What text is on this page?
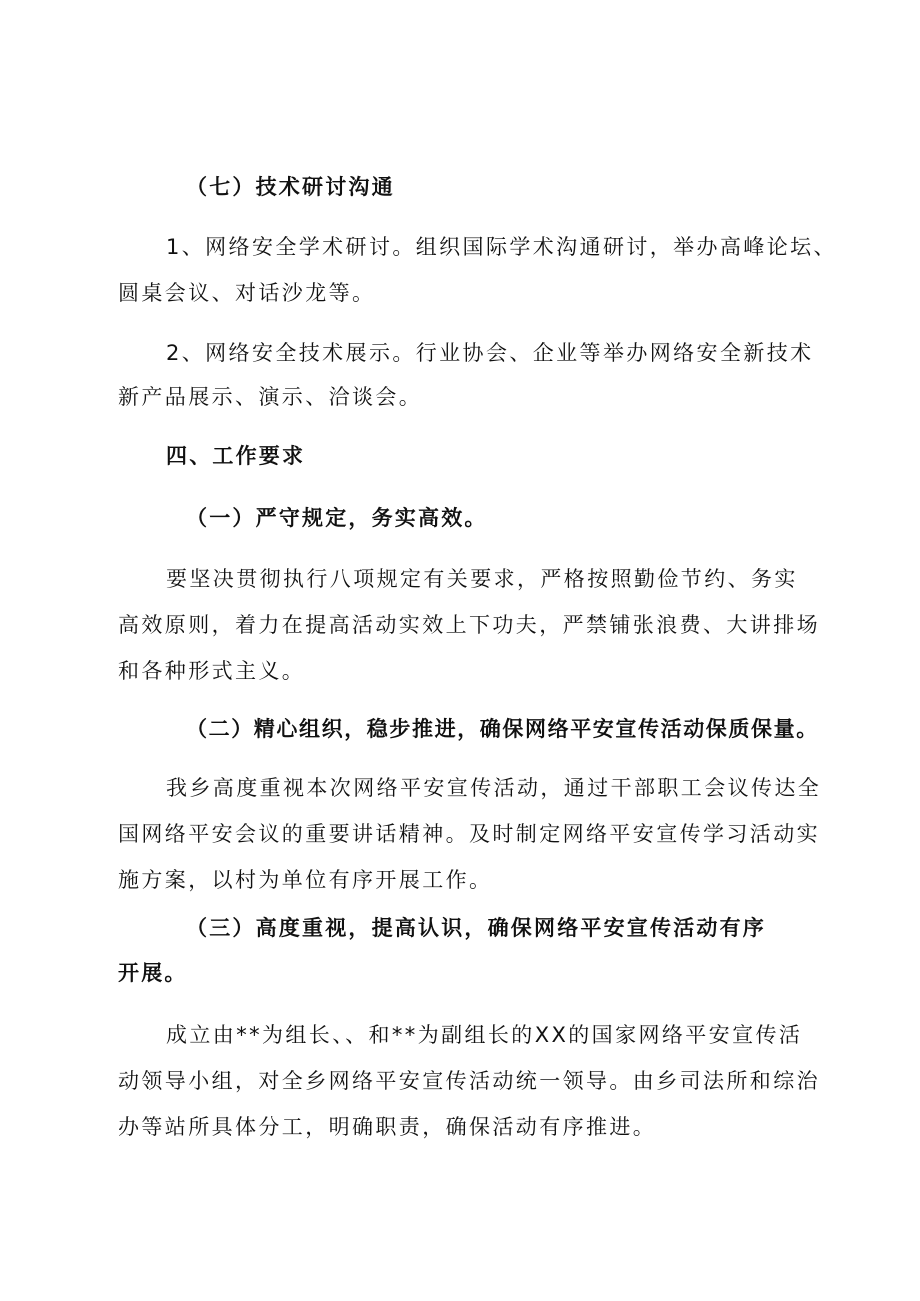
（七）技术研讨沟通
1、网络安全学术研讨。组织国际学术沟通研讨，举办高峰论坛、
圆桌会议、对话沙龙等。
2、网络安全技术展示。行业协会、企业等举办网络安全新技术
新产品展示、演示、洽谈会。
四、工作要求
（一）严守规定，务实高效。
要坚决贯彻执行八项规定有关要求，严格按照勤俭节约、务实
高效原则，着力在提高活动实效上下功夫，严禁铺张浪费、大讲排场
和各种形式主义。
（二）精心组织，稳步推进，确保网络平安宣传活动保质保量。
我乡高度重视本次网络平安宣传活动，通过干部职工会议传达全
国网络平安会议的重要讲话精神。及时制定网络平安宣传学习活动实
施方案，以村为单位有序开展工作。
（三）高度重视，提高认识，确保网络平安宣传活动有序
开展。
成立由**为组长、、和**为副组长的XX的国家网络平安宣传活
动领导小组，对全乡网络平安宣传活动统一领导。由乡司法所和综治
办等站所具体分工，明确职责，确保活动有序推进。
